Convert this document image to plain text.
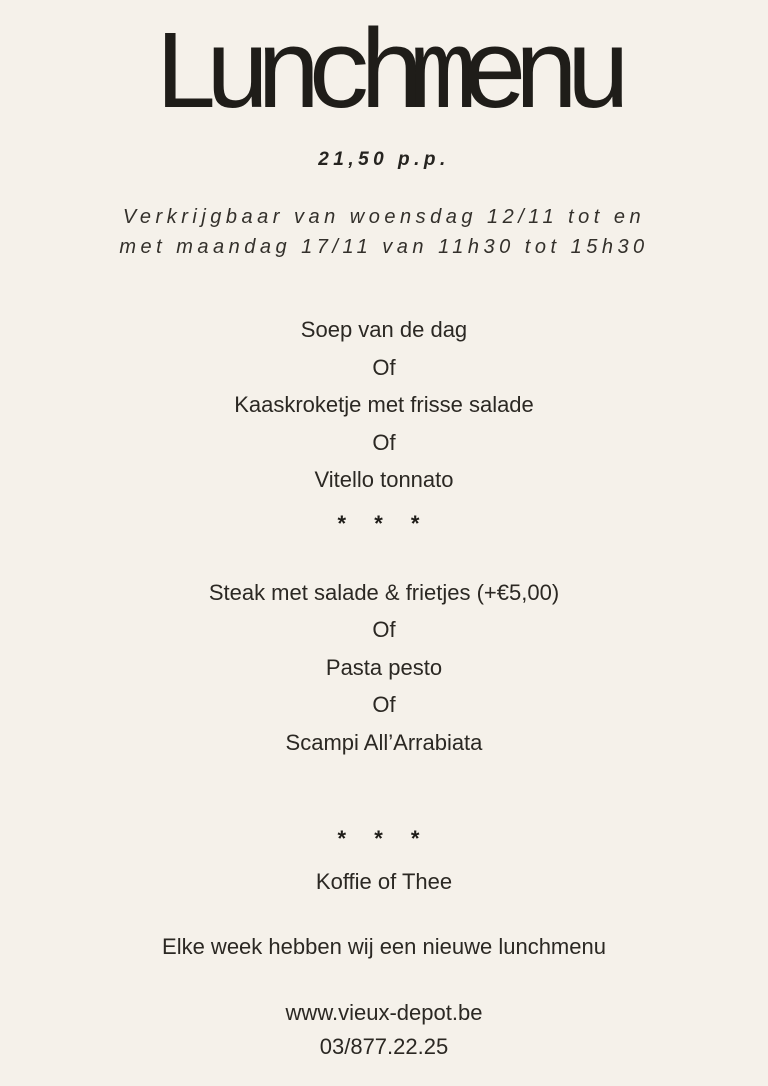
Lunchmenu
21,50 p.p.
Verkrijgbaar van woensdag 12/11 tot en
met maandag 17/11 van 11h30 tot 15h30
Soep van de dag
Of
Kaaskroketje met frisse salade
Of
Vitello tonnato
* * *
Steak met salade & frietjes (+€5,00)
Of
Pasta pesto
Of
Scampi All’Arrabiata
* * *
Koffie of Thee
Elke week hebben wij een nieuwe lunchmenu
www.vieux-depot.be
03/877.22.25
